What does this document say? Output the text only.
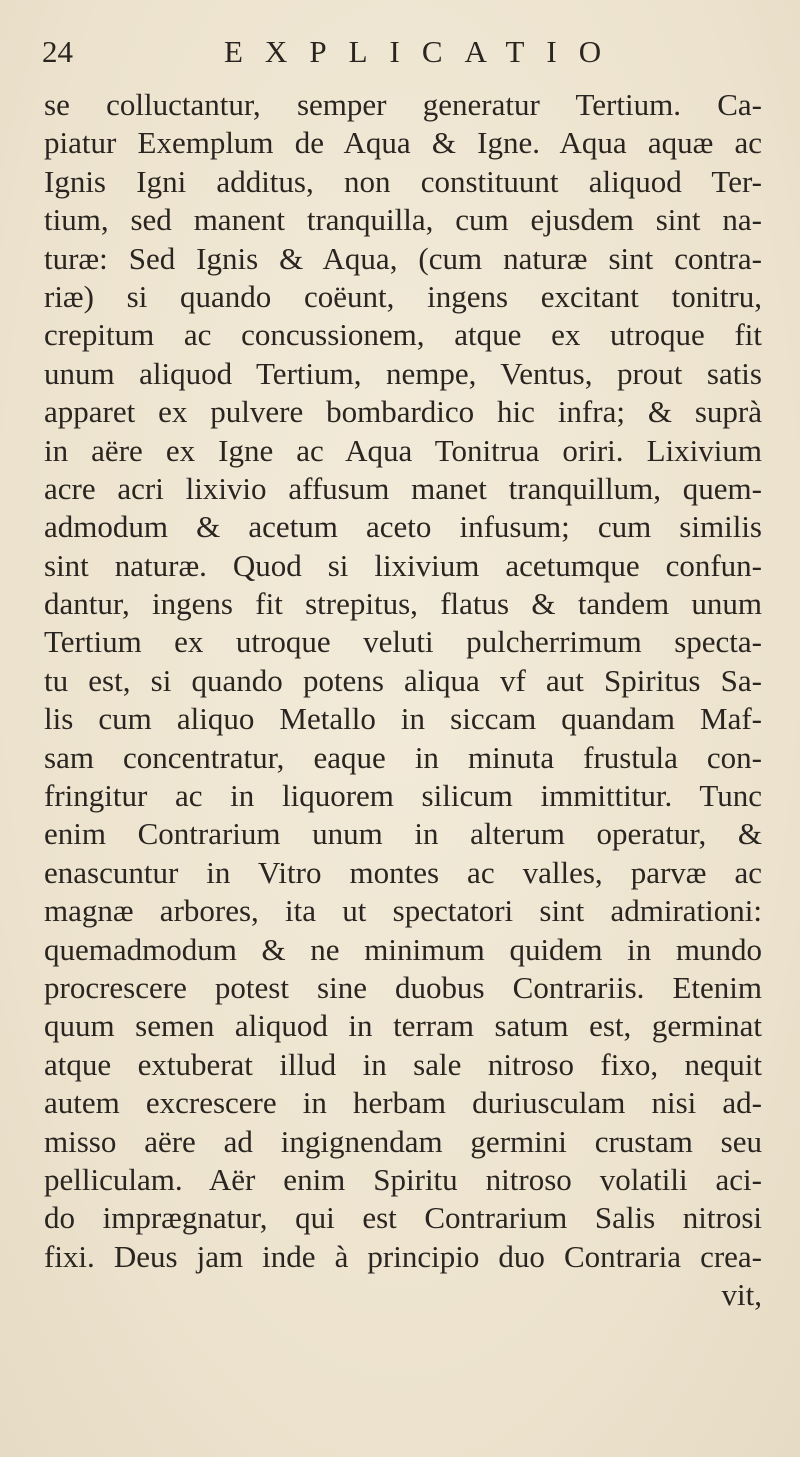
24	EXPLICATIO
se colluctantur, semper generatur Tertium. Ca-
piatur Exemplum de Aqua & Igne. Aqua aquæ ac
Ignis Igni additus, non constituunt aliquod Ter-
tium, sed manent tranquilla, cum ejusdem sint na-
turæ: Sed Ignis & Aqua, (cum naturæ sint contra-
riæ) si quando coëunt, ingens excitant tonitru,
crepitum ac concussionem, atque ex utroque fit
unum aliquod Tertium, nempe, Ventus, prout satis
apparet ex pulvere bombardico hic infra; & suprà
in aëre ex Igne ac Aqua Tonitrua oriri. Lixivium
acre acri lixivio affusum manet tranquillum, quem-
admodum & acetum aceto infusum; cum similis
sint naturæ. Quod si lixivium acetumque confun-
dantur, ingens fit strepitus, flatus & tandem unum
Tertium ex utroque veluti pulcherrimum specta-
tu est, si quando potens aliqua vf aut Spiritus Sa-
lis cum aliquo Metallo in siccam quandam Maf-
sam concentratur, eaque in minuta frustula con-
fringitur ac in liquorem silicum immittitur. Tunc
enim Contrarium unum in alterum operatur, &
enascuntur in Vitro montes ac valles, parvæ ac
magnæ arbores, ita ut spectatori sint admirationi:
quemadmodum & ne minimum quidem in mundo
procrescere potest sine duobus Contrariis. Etenim
quum semen aliquod in terram satum est, germinat
atque extuberat illud in sale nitroso fixo, nequit
autem excrescere in herbam duriusculam nisi ad-
misso aëre ad ingignendam germini crustam seu
pelliculam. Aër enim Spiritu nitroso volatili aci-
do imprægnatur, qui est Contrarium Salis nitrosi
fixi. Deus jam inde à principio duo Contraria crea-
vit,
